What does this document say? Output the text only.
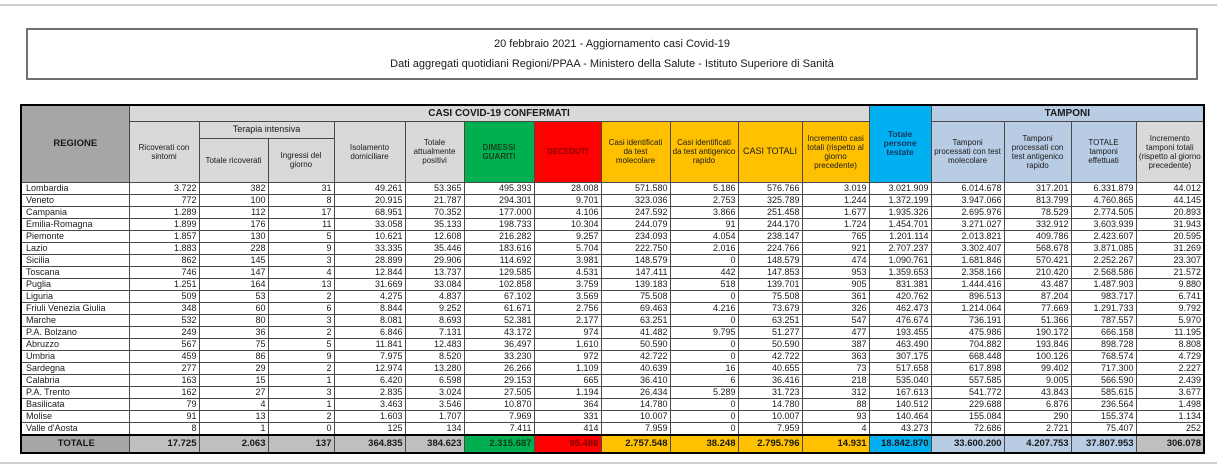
20 febbraio 2021 - Aggiornamento casi Covid-19
Dati aggregati quotidiani Regioni/PPAA - Ministero della Salute - Istituto Superiore di Sanità
REGIONE	CASI COVID-19 CONFERMATI											Totale persone testate	TAMPONI			
	Ricoverati con sintomi	Terapia intensiva		Isolamento domiciliare	Totale attualmente positivi	DIMESSI GUARITI	DECEDUTI	Casi identificati da test molecolare	Casi identificati da test antigenico rapido	CASI TOTALI	Incremento casi totali (rispetto al giorno precedente)		Tamponi processati con test molecolare	Tamponi processati con test antigenico rapido	TOTALE tamponi effettuati	Incremento tamponi totali (rispetto al giorno precedente)
		Totale ricoverati	Ingressi del giorno													
Lombardia	3.722	382	31	49.261	53.365	495.393	28.008	571.580	5.186	576.766	3.019	3.021.909	6.014.678	317.201	6.331.879	44.012
Veneto	772	100	8	20.915	21.787	294.301	9.701	323.036	2.753	325.789	1.244	1.372.199	3.947.066	813.799	4.760.865	44.145
Campania	1.289	112	17	68.951	70.352	177.000	4.106	247.592	3.866	251.458	1.677	1.935.326	2.695.976	78.529	2.774.505	20.893
Emilia-Romagna	1.899	176	11	33.058	35.133	198.733	10.304	244.079	91	244.170	1.724	1.454.701	3.271.027	332.912	3.603.939	31.943
Piemonte	1.857	130	5	10.621	12.608	216.282	9.257	234.093	4.054	238.147	765	1.201.114	2.013.821	409.786	2.423.607	20.595
Lazio	1.883	228	9	33.335	35.446	183.616	5.704	222.750	2.016	224.766	921	2.707.237	3.302.407	568.678	3.871.085	31.269
Sicilia	862	145	3	28.899	29.906	114.692	3.981	148.579	0	148.579	474	1.090.761	1.681.846	570.421	2.252.267	23.307
Toscana	746	147	4	12.844	13.737	129.585	4.531	147.411	442	147.853	953	1.359.653	2.358.166	210.420	2.568.586	21.572
Puglia	1.251	164	13	31.669	33.084	102.858	3.759	139.183	518	139.701	905	831.381	1.444.416	43.487	1.487.903	9.880
Liguria	509	53	2	4.275	4.837	67.102	3.569	75.508	0	75.508	361	420.762	896.513	87.204	983.717	6.741
Friuli Venezia Giulia	348	60	6	8.844	9.252	61.671	2.756	69.463	4.216	73.679	326	462.473	1.214.064	77.669	1.291.733	9.792
Marche	532	80	3	8.081	8.693	52.381	2.177	63.251	0	63.251	547	476.674	736.191	51.366	787.557	5.970
P.A. Bolzano	249	36	2	6.846	7.131	43.172	974	41.482	9.795	51.277	477	193.455	475.986	190.172	666.158	11.195
Abruzzo	567	75	5	11.841	12.483	36.497	1.610	50.590	0	50.590	387	463.490	704.882	193.846	898.728	8.808
Umbria	459	86	9	7.975	8.520	33.230	972	42.722	0	42.722	363	307.175	668.448	100.126	768.574	4.729
Sardegna	277	29	2	12.974	13.280	26.266	1.109	40.639	16	40.655	73	517.658	617.898	99.402	717.300	2.227
Calabria	163	15	1	6.420	6.598	29.153	665	36.410	6	36.416	218	535.040	557.585	9.005	566.590	2.439
P.A. Trento	162	27	3	2.835	3.024	27.505	1.194	26.434	5.289	31.723	312	167.613	541.772	43.843	585.615	3.677
Basilicata	79	4	1	3.463	3.546	10.870	364	14.780	0	14.780	88	140.512	229.688	6.876	236.564	1.498
Molise	91	13	2	1.603	1.707	7.969	331	10.007	0	10.007	93	140.464	155.084	290	155.374	1.134
Valle d'Aosta	8	1	0	125	134	7.411	414	7.959	0	7.959	4	43.273	72.686	2.721	75.407	252
TOTALE	17.725	2.063	137	364.835	384.623	2.315.687	95.486	2.757.548	38.248	2.795.796	14.931	18.842.870	33.600.200	4.207.753	37.807.953	306.078
